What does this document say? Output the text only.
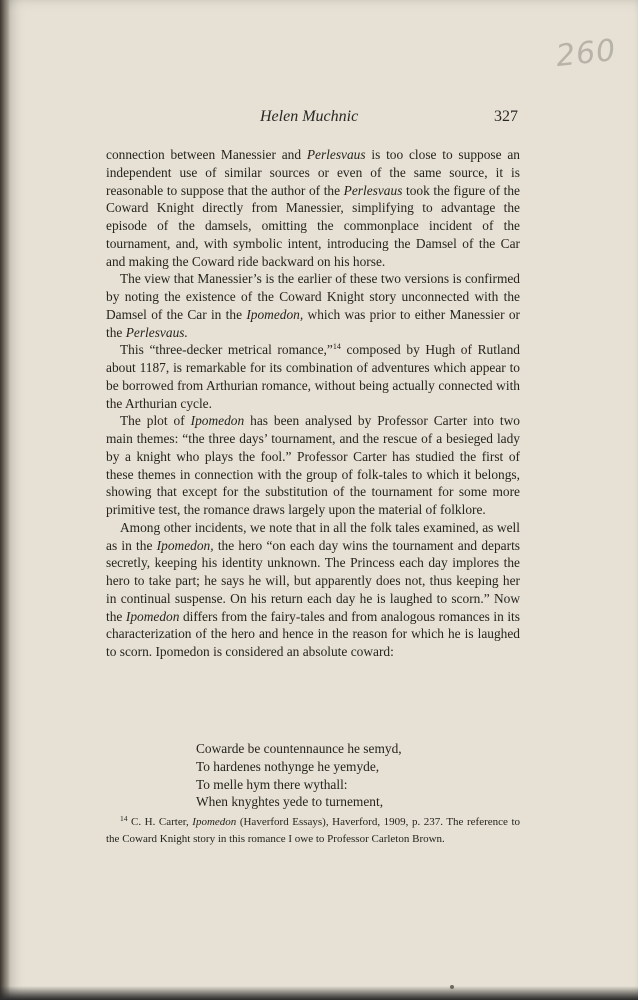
260
Helen Muchnic	327

connection between Manessier and Perlesvaus is too close to suppose an independent use of similar sources or even of the same source, it is reasonable to suppose that the author of the Perlesvaus took the figure of the Coward Knight directly from Manessier, simplifying to advantage the episode of the damsels, omitting the commonplace incident of the tournament, and, with symbolic intent, introducing the Damsel of the Car and making the Coward ride backward on his horse.

The view that Manessier’s is the earlier of these two versions is confirmed by noting the existence of the Coward Knight story unconnected with the Damsel of the Car in the Ipomedon, which was prior to either Manessier or the Perlesvaus.

This “three-decker metrical romance,”$^{14}$ composed by Hugh of Rutland about 1187, is remarkable for its combination of adventures which appear to be borrowed from Arthurian romance, without being actually connected with the Arthurian cycle.

The plot of Ipomedon has been analysed by Professor Carter into two main themes: “the three days’ tournament, and the rescue of a besieged lady by a knight who plays the fool.” Professor Carter has studied the first of these themes in connection with the group of folk-tales to which it belongs, showing that except for the substitution of the tournament for some more primitive test, the romance draws largely upon the material of folklore.

Among other incidents, we note that in all the folk tales examined, as well as in the Ipomedon, the hero “on each day wins the tournament and departs secretly, keeping his identity unknown. The Princess each day implores the hero to take part; he says he will, but apparently does not, thus keeping her in continual suspense. On his return each day he is laughed to scorn.” Now the Ipomedon differs from the fairy-tales and from analogous romances in its characterization of the hero and hence in the reason for which he is laughed to scorn. Ipomedon is considered an absolute coward:

Cowarde be countennaunce he semyd,
To hardenes nothynge he yemyde,
To melle hym there wythall:
When knyghtes yede to turnement,
$^{14}$ C. H. Carter, Ipomedon (Haverford Essays), Haverford, 1909, p. 237. The reference to the Coward Knight story in this romance I owe to Professor Carleton Brown.
